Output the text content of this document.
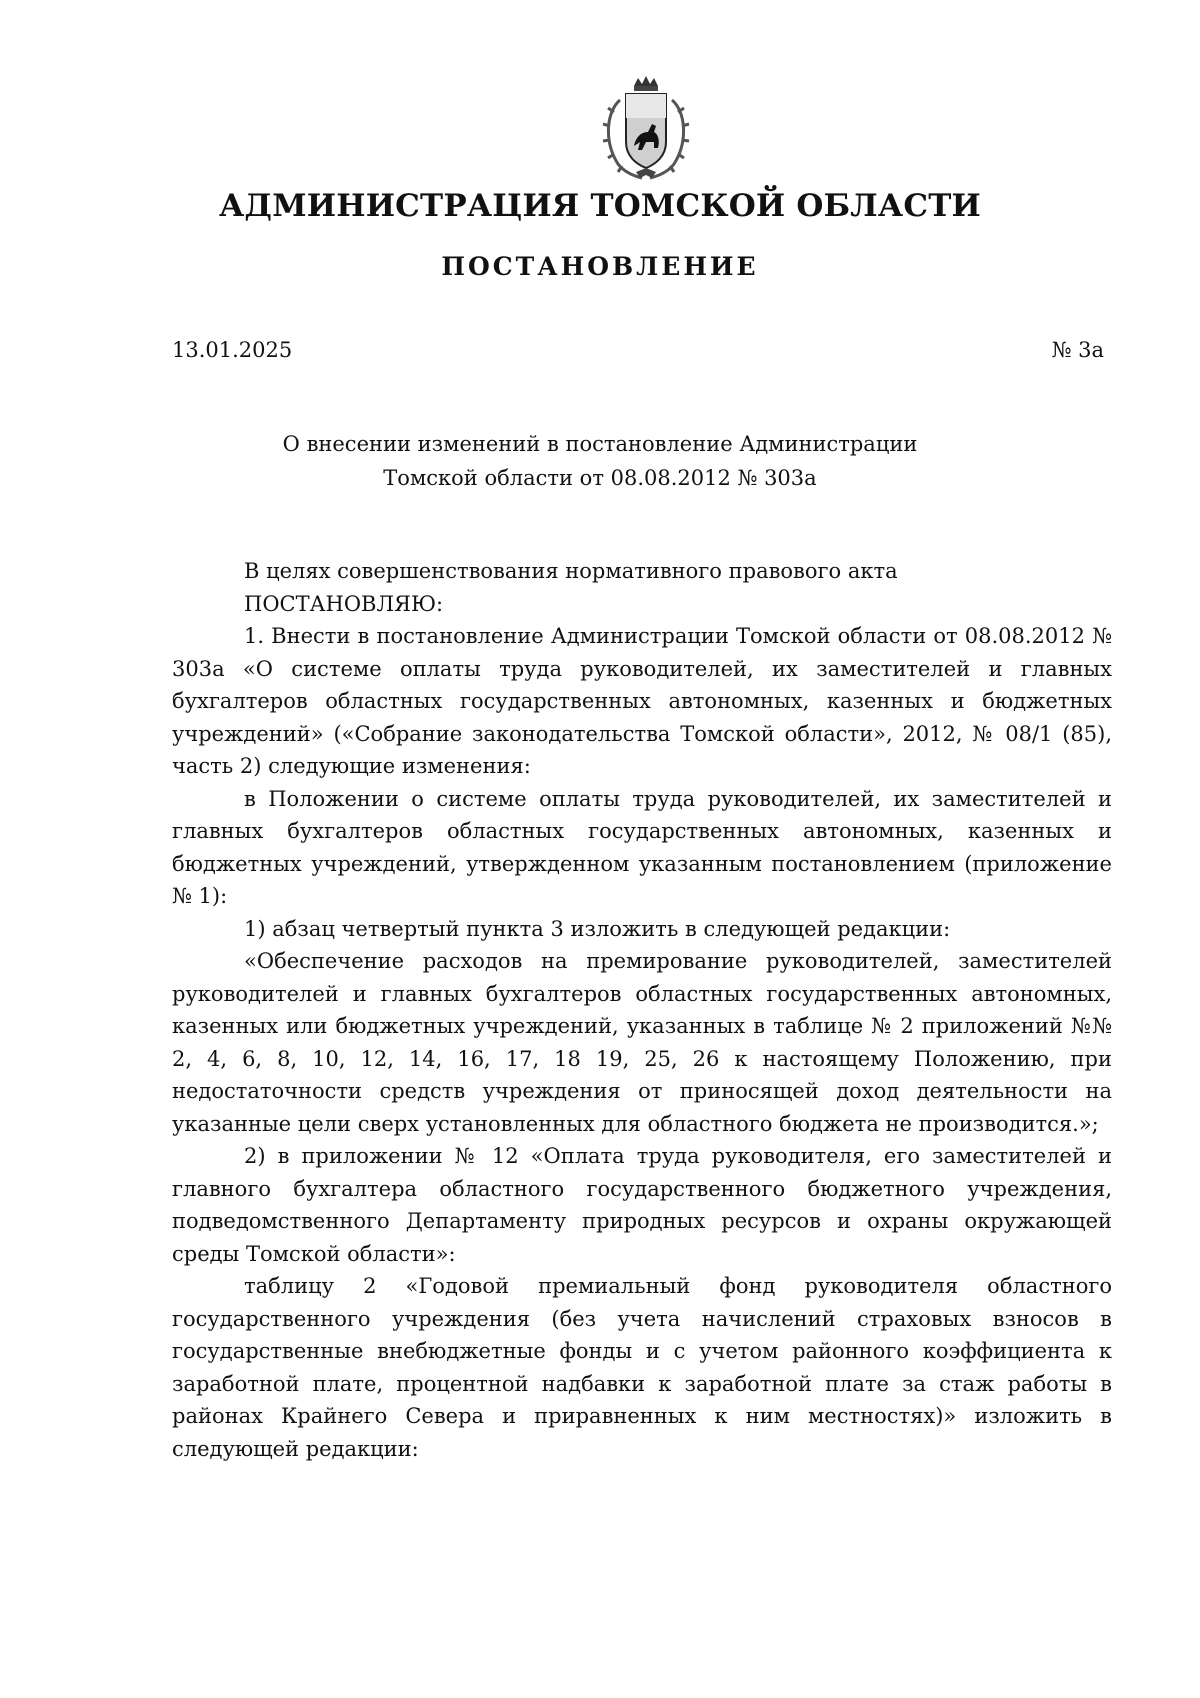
АДМИНИСТРАЦИЯ ТОМСКОЙ ОБЛАСТИ
ПОСТАНОВЛЕНИЕ
13.01.2025	№ 3а
О внесении изменений в постановление Администрации
Томской области от 08.08.2012 № 303а

В целях совершенствования нормативного правового акта

ПОСТАНОВЛЯЮ:

1. Внести в постановление Администрации Томской области от 08.08.2012 № 303а «О системе оплаты труда руководителей, их заместителей и главных бухгалтеров областных государственных автономных, казенных и бюджетных учреждений» («Собрание законодательства Томской области», 2012, № 08/1 (85), часть 2) следующие изменения:

в Положении о системе оплаты труда руководителей, их заместителей и главных бухгалтеров областных государственных автономных, казенных и бюджетных учреждений, утвержденном указанным постановлением (приложение № 1):

1) абзац четвертый пункта 3 изложить в следующей редакции:

«Обеспечение расходов на премирование руководителей, заместителей руководителей и главных бухгалтеров областных государственных автономных, казенных или бюджетных учреждений, указанных в таблице № 2 приложений №№ 2, 4, 6, 8, 10, 12, 14, 16, 17, 18 19, 25, 26 к настоящему Положению, при недостаточности средств учреждения от приносящей доход деятельности на указанные цели сверх установленных для областного бюджета не производится.»;

2) в приложении № 12 «Оплата труда руководителя, его заместителей и главного бухгалтера областного государственного бюджетного учреждения, подведомственного Департаменту природных ресурсов и охраны окружающей среды Томской области»:

таблицу 2 «Годовой премиальный фонд руководителя областного государственного учреждения (без учета начислений страховых взносов в государственные внебюджетные фонды и с учетом районного коэффициента к заработной плате, процентной надбавки к заработной плате за стаж работы в районах Крайнего Севера и приравненных к ним местностях)» изложить в следующей редакции:
